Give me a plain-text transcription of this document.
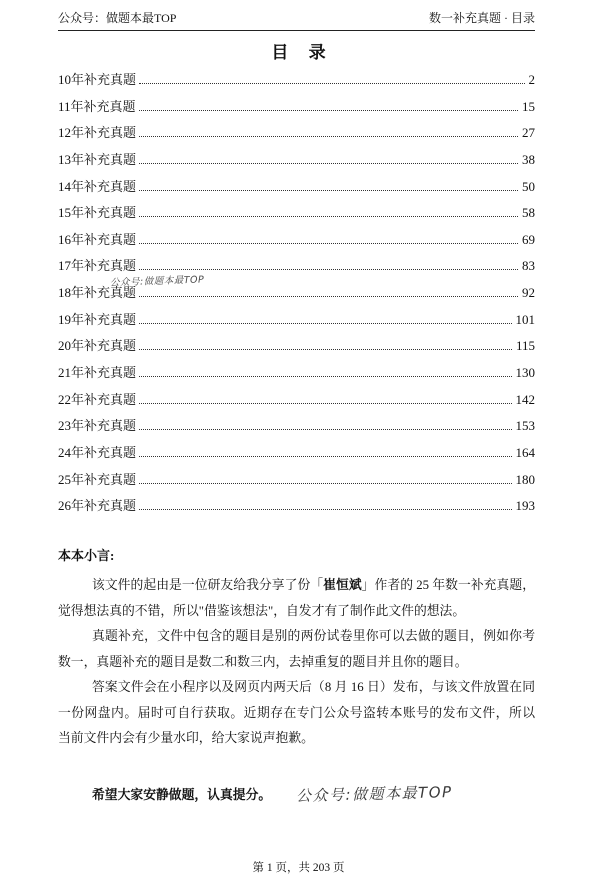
公众号：做题本最TOP	数一补充真题 · 目录
目 录
10年补充真题	2
11年补充真题	15
12年补充真题	27
13年补充真题	38
14年补充真题	50
15年补充真题	58
16年补充真题	69
17年补充真题	83
18年补充真题	92
19年补充真题	101
20年补充真题	115
21年补充真题	130
22年补充真题	142
23年补充真题	153
24年补充真题	164
25年补充真题	180
26年补充真题	193
公众号:做题本最TOP
本本小言:
该文件的起由是一位研友给我分享了份「崔恒斌」作者的 25 年数一补充真题，
觉得想法真的不错，所以"借鉴该想法"，自发才有了制作此文件的想法。
真题补充，文件中包含的题目是别的两份试卷里你可以去做的题目，例如你考
数一，真题补充的题目是数二和数三内，去掉重复的题目并且你的题目。
答案文件会在小程序以及网页内两天后（8 月 16 日）发布，与该文件放置在同
一份网盘内。届时可自行获取。近期存在专门公众号盗转本账号的发布文件，所以
当前文件内会有少量水印，给大家说声抱歉。
希望大家安静做题，认真提分。 公众号:做题本最TOP
第 1 页，共 203 页
